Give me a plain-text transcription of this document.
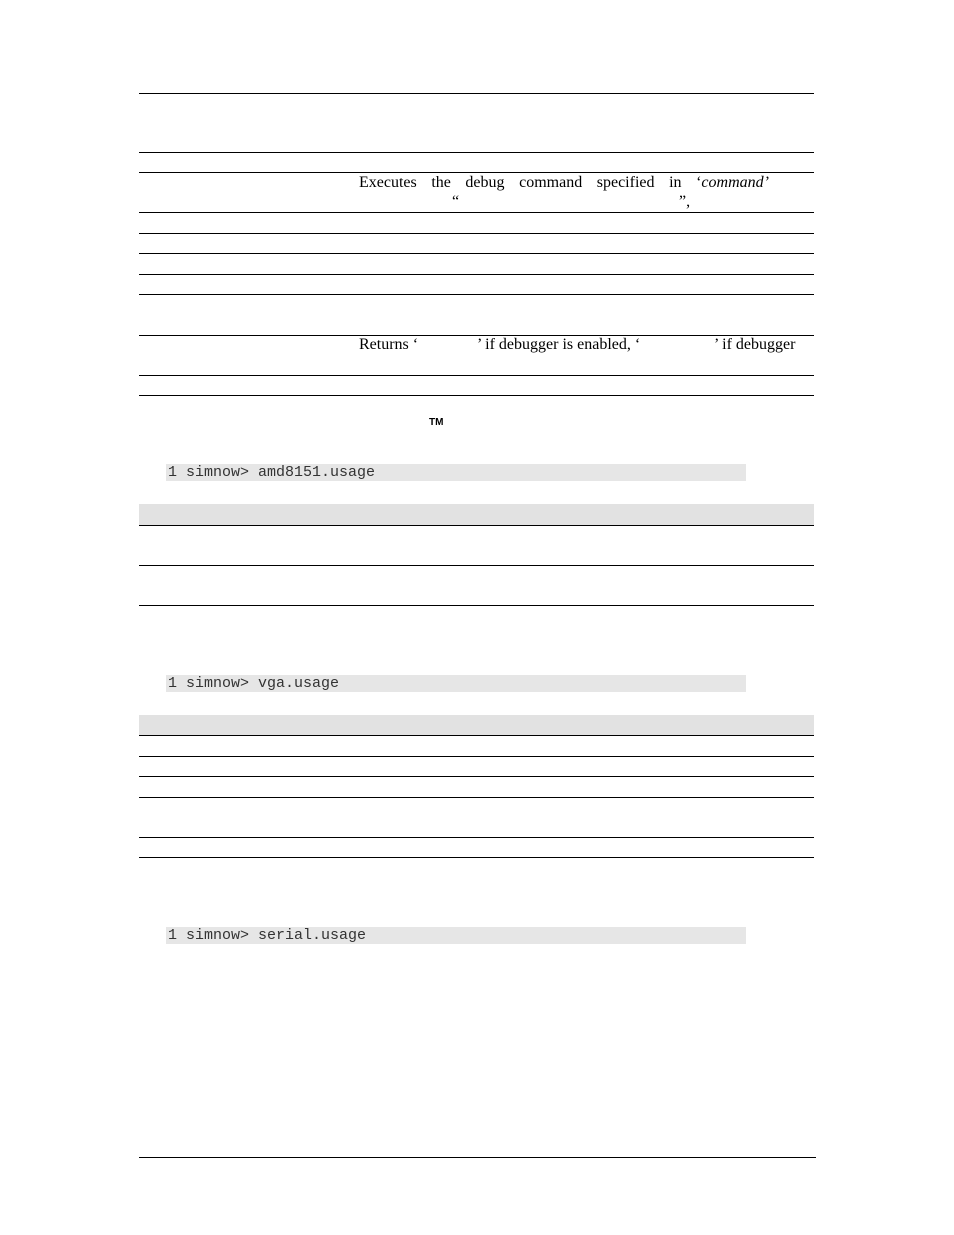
Executes the debug command specified in ‘command’
“	”,
Returns ‘	’ if debugger is enabled, ‘	’ if debugger
TM
1 simnow> amd8151.usage
1 simnow> vga.usage
1 simnow> serial.usage
